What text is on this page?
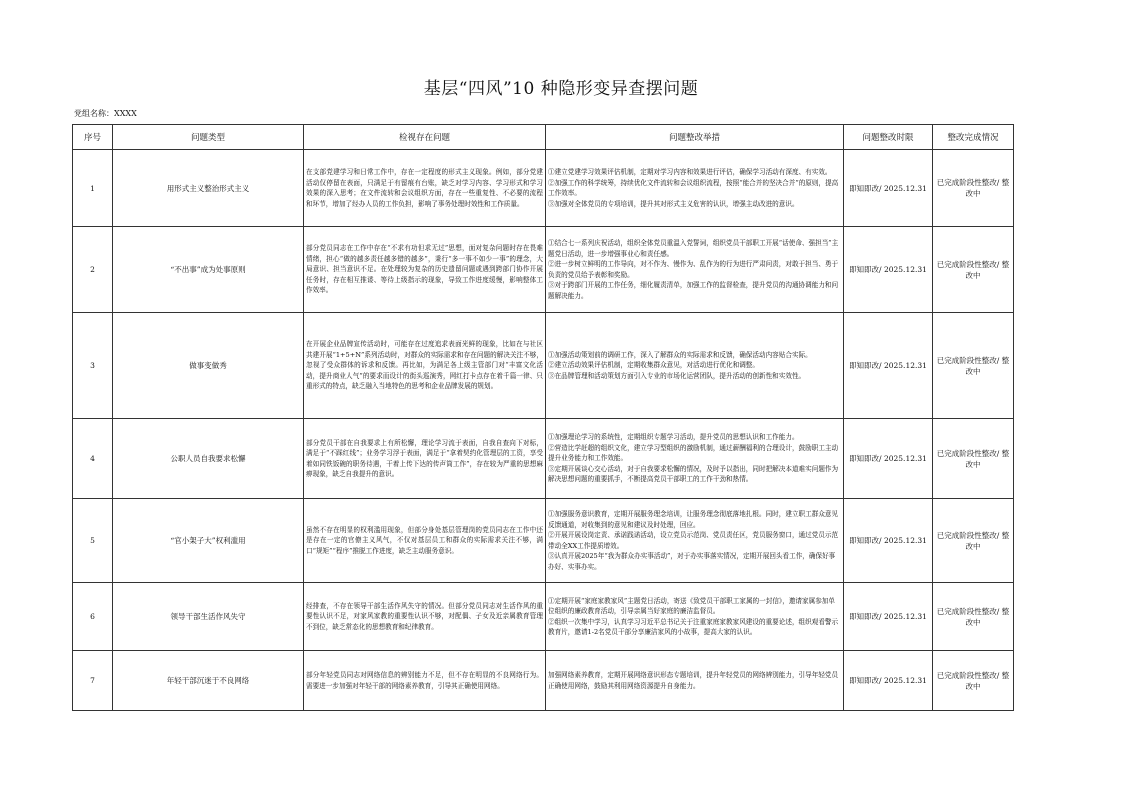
基层“四风”10 种隐形变异查摆问题
党组名称：XXXX
序号	问题类型	检视存在问题	问题整改举措	问题整改时限	整改完成情况
1	用形式主义整治形式主义	在支部党建学习和日常工作中，存在一定程度的形式主义现象。例如，部分党建活动仅停留在表面，只满足于有留痕有台账，缺乏对学习内容、学习形式和学习效果的深入思考；在文件流转和会议组织方面，存在一些重复性、不必要的流程和环节，增加了经办人员的工作负担，影响了事务处理时效性和工作质量。	①建立党建学习效果评估机制，定期对学习内容和效果进行评估，确保学习活动有深度、有实效。
②加强工作的科学统筹，持续优化文件流转和会议组织流程，按照“能合并的坚决合并”的原则，提高工作效率。
③加强对全体党员的专项培训，提升其对形式主义危害的认识，增强主动改进的意识。	即知即改/ 2025.12.31	已完成阶段性整改/ 整改中
2	“不出事”成为处事原则	部分党员同志在工作中存在“不求有功但求无过”思想，面对复杂问题时存在畏难情绪，担心“做的越多责任越多错的越多”，秉行“多一事不如少一事”的理念，大局意识、担当意识不足。在处理较为复杂的历史遗留问题或遇到跨部门协作开展任务时，存在相互推诿、等待上级指示的现象，导致工作进度缓慢，影响整体工作效率。	①结合七一系列庆祝活动，组织全体党员重温入党誓词，组织党员干部职工开展“话使命、强担当”主题党日活动，进一步增强事业心和责任感。
②进一步树立鲜明的工作导向，对不作为、慢作为、乱作为的行为进行严肃问责，对敢于担当、勇于负责的党员给予表彰和奖励。
③对于跨部门开展的工作任务，细化履责清单，加强工作的监督检查，提升党员的沟通协调能力和问题解决能力。	即知即改/ 2025.12.31	已完成阶段性整改/ 整改中
3	做事变做秀	在开展企业品牌宣传活动时，可能存在过度追求表面光鲜的现象，比如在与社区共建开展“1+5+N”系列活动时，对群众的实际需求和存在问题的解决关注不够，忽视了受众群体的诉求和反馈。再比如，为满足各上级主管部门对“丰富文化活动，提升商业人气”的要求而设计的街头巡演秀，网红打卡点存在着千篇一律、只重形式的特点，缺乏融入当地特色的思考和企业品牌发展的规划。	①加强活动策划前的调研工作，深入了解群众的实际需求和反馈，确保活动内容贴合实际。
②建立活动效果评估机制，定期收集群众意见，对活动进行优化和调整。
③在品牌管理和活动策划方面引入专业的市场化运营团队，提升活动的创新性和实效性。	即知即改/ 2025.12.31	已完成阶段性整改/ 整改中
4	公职人员自我要求松懈	部分党员干部在自我要求上有所松懈，理论学习流于表面，自我自查向下对标，满足于“不踩红线”；业务学习浮于表面，满足于“拿着契约化管理层的工资，享受着如同铁饭碗的职务待遇，干着上传下达的传声筒工作”，存在较为严重的思想麻痹现象，缺乏自我提升的意识。	①加强理论学习的系统性，定期组织专题学习活动，提升党员的思想认识和工作能力。
②营造比学赶超的组织文化，建立学习型组织的激励机制，通过薪酬福利的合理设计，鼓励职工主动提升业务能力和工作效能。
③定期开展谈心交心活动，对于自我要求松懈的情况，及时予以指出，同时把解决本道难实问题作为解决思想问题的重要抓手，不断提高党员干部职工的工作干劲和热情。	即知即改/ 2025.12.31	已完成阶段性整改/ 整改中
5	“官小架子大”权利滥用	虽然不存在明显的权利滥用现象，但部分身处基层管理岗的党员同志在工作中还是存在一定的官僚主义风气，不仅对基层员工和群众的实际需求关注不够，满口“规矩”“程序”推脱工作进度，缺乏主动服务意识。	①加强服务意识教育，定期开展服务理念培训，让服务理念彻底落地扎根。同时，建立职工群众意见反馈通道，对收集到的意见和建议及时处理，回应。
②开展开展设岗定责、承诺践诺活动，设立党员示范岗、党员责任区，党员服务窗口，通过党员示范带动全XX工作提质增效。
③认真开展2025年“我为群众办实事活动”，对于办实事落实情况，定期开展回头看工作，确保好事办好、实事办实。	即知即改/ 2025.12.31	已完成阶段性整改/ 整改中
6	领导干部生活作风失守	经排查，不存在领导干部生活作风失守的情况。但部分党员同志对生活作风的重要性认识不足，对家风家教的重要性认识不够，对配偶、子女及近亲属教育管理不到位，缺乏常态化的思想教育和纪律教育。	①定期开展“家庭家教家风”主题党日活动，寄送《致党员干部职工家属的一封信》，邀请家属参加单位组织的廉政教育活动，引导亲属当好家庭的廉洁监督员。
②组织一次集中学习，认真学习习近平总书记关于注重家庭家教家风建设的重要论述，组织观看警示教育片，邀请1-2名党员干部分享廉洁家风的小故事，提高大家的认识。	即知即改/ 2025.12.31	已完成阶段性整改/ 整改中
7	年轻干部沉迷于不良网络	部分年轻党员同志对网络信息的辨别能力不足，但不存在明显的不良网络行为。需要进一步加强对年轻干部的网络素养教育，引导其正确使用网络。	加强网络素养教育，定期开展网络意识形态专题培训，提升年轻党员的网络辨别能力，引导年轻党员正确使用网络，鼓励其利用网络资源提升自身能力。	即知即改/ 2025.12.31	已完成阶段性整改/ 整改中
